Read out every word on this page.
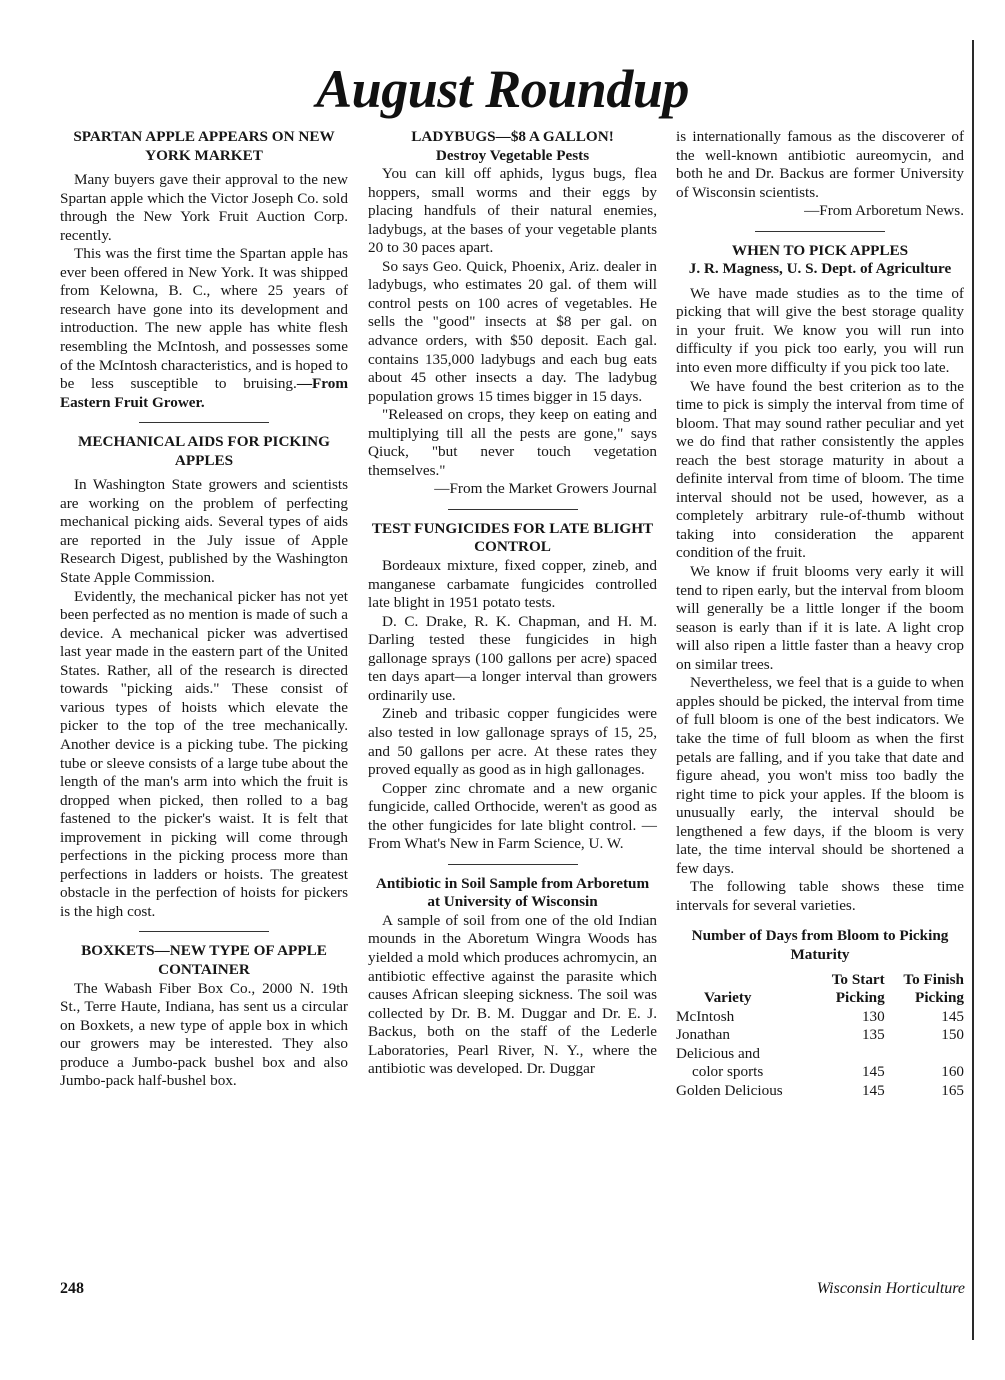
August Roundup

SPARTAN APPLE APPEARS ON NEW YORK MARKET

Many buyers gave their approval to the new Spartan apple which the Victor Joseph Co. sold through the New York Fruit Auction Corp. recently.

This was the first time the Spartan apple has ever been offered in New York. It was shipped from Kelowna, B. C., where 25 years of research have gone into its development and introduction. The new apple has white flesh resembling the McIntosh, and possesses some of the McIntosh characteristics, and is hoped to be less susceptible to bruising.—From Eastern Fruit Grower.

MECHANICAL AIDS FOR PICKING APPLES

In Washington State growers and scientists are working on the problem of perfecting mechanical picking aids. Several types of aids are reported in the July issue of Apple Research Digest, published by the Washington State Apple Commission.

Evidently, the mechanical picker has not yet been perfected as no mention is made of such a device. A mechanical picker was advertised last year made in the eastern part of the United States. Rather, all of the research is directed towards "picking aids." These consist of various types of hoists which elevate the picker to the top of the tree mechanically. Another device is a picking tube. The picking tube or sleeve consists of a large tube about the length of the man's arm into which the fruit is dropped when picked, then rolled to a bag fastened to the picker's waist. It is felt that improvement in picking will come through perfections in the picking process more than perfections in ladders or hoists. The greatest obstacle in the perfection of hoists for pickers is the high cost.

BOXKETS—NEW TYPE OF APPLE CONTAINER

The Wabash Fiber Box Co., 2000 N. 19th St., Terre Haute, Indiana, has sent us a circular on Boxkets, a new type of apple box in which our growers may be interested. They also produce a Jumbo-pack bushel box and also Jumbo-pack half-bushel box.

LADYBUGS—$8 A GALLON!

Destroy Vegetable Pests

You can kill off aphids, lygus bugs, flea hoppers, small worms and their eggs by placing handfuls of their natural enemies, ladybugs, at the bases of your vegetable plants 20 to 30 paces apart.

So says Geo. Quick, Phoenix, Ariz. dealer in ladybugs, who estimates 20 gal. of them will control pests on 100 acres of vegetables. He sells the "good" insects at $8 per gal. on advance orders, with $50 deposit. Each gal. contains 135,000 ladybugs and each bug eats about 45 other insects a day. The ladybug population grows 15 times bigger in 15 days.

"Released on crops, they keep on eating and multiplying till all the pests are gone," says Qiuck, "but never touch vegetation themselves."

—From the Market Growers Journal

TEST FUNGICIDES FOR LATE BLIGHT CONTROL

Bordeaux mixture, fixed copper, zineb, and manganese carbamate fungicides controlled late blight in 1951 potato tests.

D. C. Drake, R. K. Chapman, and H. M. Darling tested these fungicides in high gallonage sprays (100 gallons per acre) spaced ten days apart—a longer interval than growers ordinarily use.

Zineb and tribasic copper fungicides were also tested in low gallonage sprays of 15, 25, and 50 gallons per acre. At these rates they proved equally as good as in high gallonages.

Copper zinc chromate and a new organic fungicide, called Orthocide, weren't as good as the other fungicides for late blight control. —From What's New in Farm Science, U. W.

Antibiotic in Soil Sample from Arboretum at University of Wisconsin

A sample of soil from one of the old Indian mounds in the Aboretum Wingra Woods has yielded a mold which produces achromycin, an antibiotic effective against the parasite which causes African sleeping sickness. The soil was collected by Dr. B. M. Duggar and Dr. E. J. Backus, both on the staff of the Lederle Laboratories, Pearl River, N. Y., where the antibiotic was developed. Dr. Duggar

is internationally famous as the discoverer of the well-known antibiotic aureomycin, and both he and Dr. Backus are former University of Wisconsin scientists.

—From Arboretum News.

WHEN TO PICK APPLES

J. R. Magness, U. S. Dept. of Agriculture

We have made studies as to the time of picking that will give the best storage quality in your fruit. We know you will run into difficulty if you pick too early, you will run into even more difficulty if you pick too late.

We have found the best criterion as to the time to pick is simply the interval from time of bloom. That may sound rather peculiar and yet we do find that rather consistently the apples reach the best storage maturity in about a definite interval from time of bloom. The time interval should not be used, however, as a completely arbitrary rule-of-thumb without taking into consideration the apparent condition of the fruit.

We know if fruit blooms very early it will tend to ripen early, but the interval from bloom will generally be a little longer if the boom season is early than if it is late. A light crop will also ripen a little faster than a heavy crop on similar trees.

Nevertheless, we feel that is a guide to when apples should be picked, the interval from time of full bloom is one of the best indicators. We take the time of full bloom as when the first petals are falling, and if you take that date and figure ahead, you won't miss too badly the right time to pick your apples. If the bloom is unusually early, the interval should be lengthened a few days, if the bloom is very late, the time interval should be shortened a few days.

The following table shows these time intervals for several varieties.

Number of Days from Bloom to Picking Maturity

	To Start	To Finish
Variety	Picking	Picking
McIntosh	130	145
Jonathan	135	150
Delicious and		
color sports	145	160
Golden Delicious	145	165
248	Wisconsin Horticulture
